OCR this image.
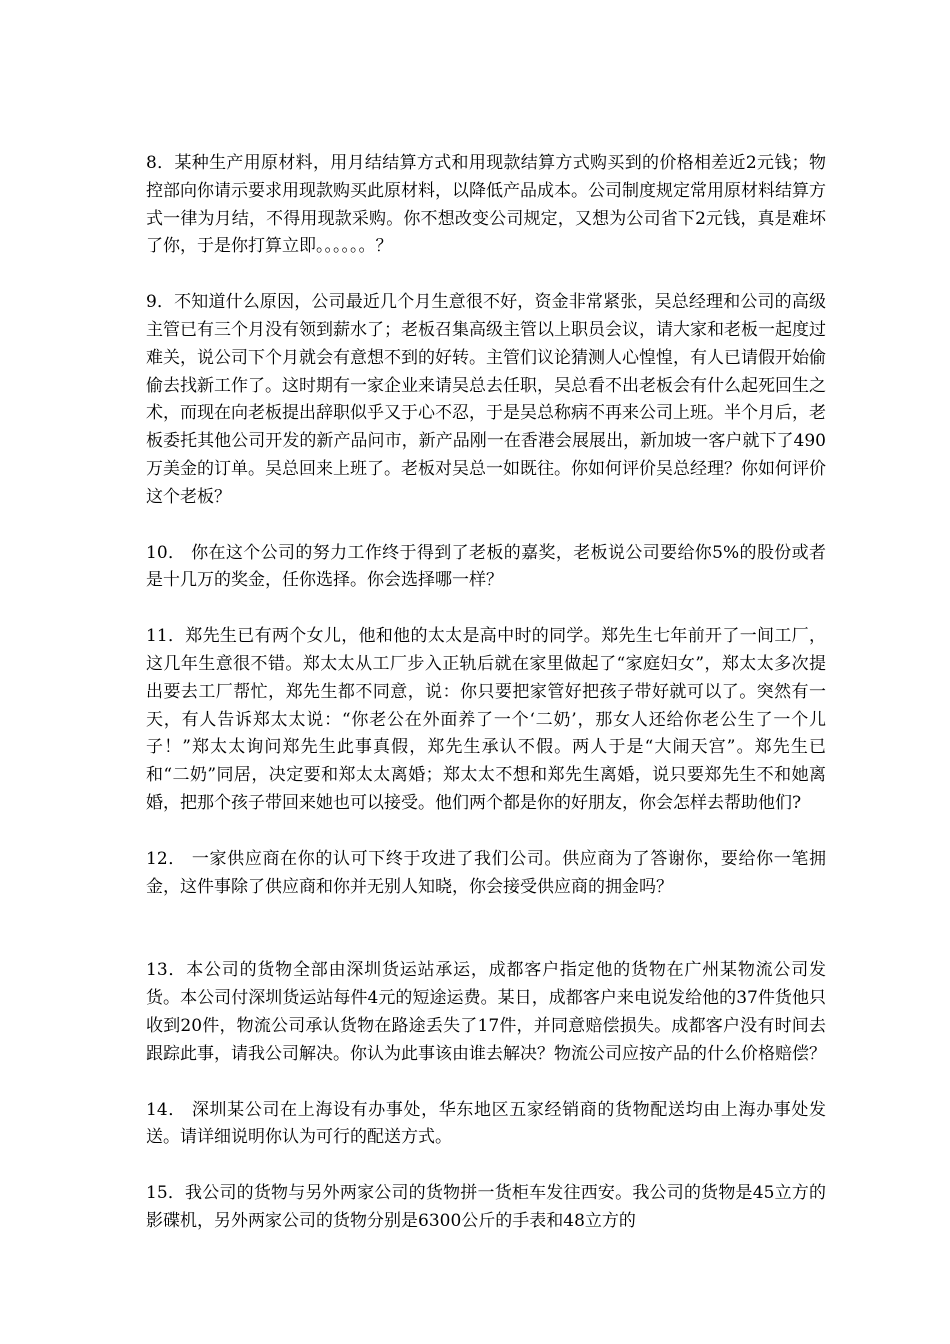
8．某种生产用原材料，用月结结算方式和用现款结算方式购买到的价格相差近2元钱；物控部向你请示要求用现款购买此原材料，以降低产品成本。公司制度规定常用原材料结算方式一律为月结，不得用现款采购。你不想改变公司规定，又想为公司省下2元钱，真是难坏了你，于是你打算立即。。。。。。？

9．不知道什么原因，公司最近几个月生意很不好，资金非常紧张，吴总经理和公司的高级主管已有三个月没有领到薪水了；老板召集高级主管以上职员会议，请大家和老板一起度过难关，说公司下个月就会有意想不到的好转。主管们议论猜测人心惶惶，有人已请假开始偷偷去找新工作了。这时期有一家企业来请吴总去任职，吴总看不出老板会有什么起死回生之术，而现在向老板提出辞职似乎又于心不忍，于是吴总称病不再来公司上班。半个月后，老板委托其他公司开发的新产品问市，新产品刚一在香港会展展出，新加坡一客户就下了490万美金的订单。吴总回来上班了。老板对吴总一如既往。你如何评价吴总经理？你如何评价这个老板？

10． 你在这个公司的努力工作终于得到了老板的嘉奖，老板说公司要给你5%的股份或者是十几万的奖金，任你选择。你会选择哪一样？

11．郑先生已有两个女儿，他和他的太太是高中时的同学。郑先生七年前开了一间工厂，这几年生意很不错。郑太太从工厂步入正轨后就在家里做起了“家庭妇女”，郑太太多次提出要去工厂帮忙，郑先生都不同意，说：你只要把家管好把孩子带好就可以了。突然有一天，有人告诉郑太太说：“你老公在外面养了一个‘二奶’，那女人还给你老公生了一个儿子！”郑太太询问郑先生此事真假，郑先生承认不假。两人于是“大闹天宫”。郑先生已和“二奶”同居，决定要和郑太太离婚；郑太太不想和郑先生离婚，说只要郑先生不和她离婚，把那个孩子带回来她也可以接受。他们两个都是你的好朋友，你会怎样去帮助他们?

12． 一家供应商在你的认可下终于攻进了我们公司。供应商为了答谢你，要给你一笔拥金，这件事除了供应商和你并无别人知晓，你会接受供应商的拥金吗？

13．本公司的货物全部由深圳货运站承运，成都客户指定他的货物在广州某物流公司发货。本公司付深圳货运站每件4元的短途运费。某日，成都客户来电说发给他的37件货他只收到20件，物流公司承认货物在路途丢失了17件，并同意赔偿损失。成都客户没有时间去跟踪此事，请我公司解决。你认为此事该由谁去解决？物流公司应按产品的什么价格赔偿？

14． 深圳某公司在上海设有办事处，华东地区五家经销商的货物配送均由上海办事处发送。请详细说明你认为可行的配送方式。

15．我公司的货物与另外两家公司的货物拼一货柜车发往西安。我公司的货物是45立方的影碟机，另外两家公司的货物分别是6300公斤的手表和48立方的
